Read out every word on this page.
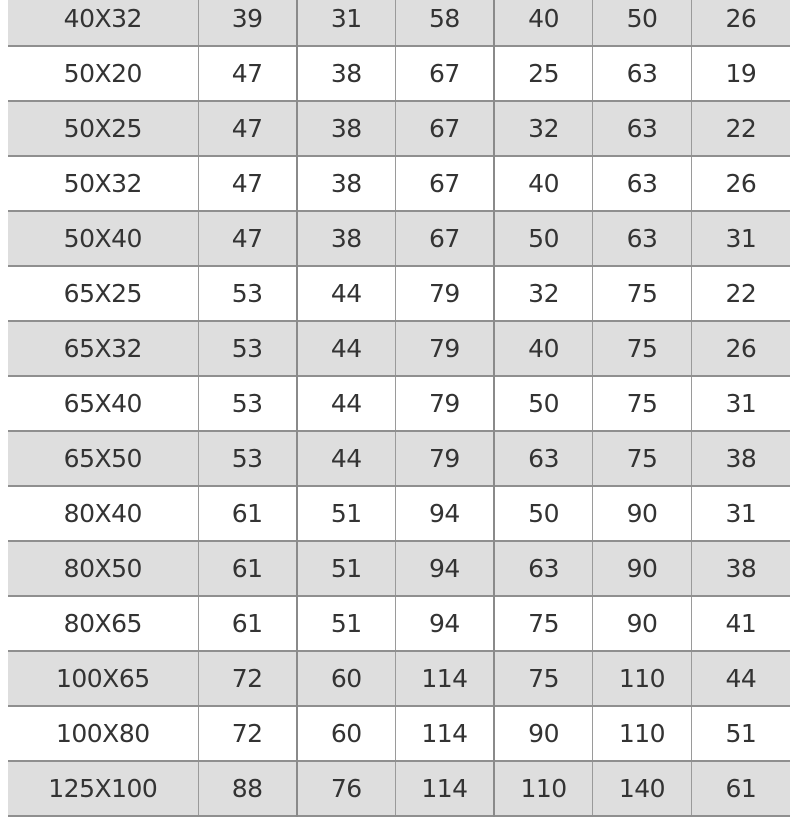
40X32	39	31	58	40	50	26
50X20	47	38	67	25	63	19
50X25	47	38	67	32	63	22
50X32	47	38	67	40	63	26
50X40	47	38	67	50	63	31
65X25	53	44	79	32	75	22
65X32	53	44	79	40	75	26
65X40	53	44	79	50	75	31
65X50	53	44	79	63	75	38
80X40	61	51	94	50	90	31
80X50	61	51	94	63	90	38
80X65	61	51	94	75	90	41
100X65	72	60	114	75	110	44
100X80	72	60	114	90	110	51
125X100	88	76	114	110	140	61
